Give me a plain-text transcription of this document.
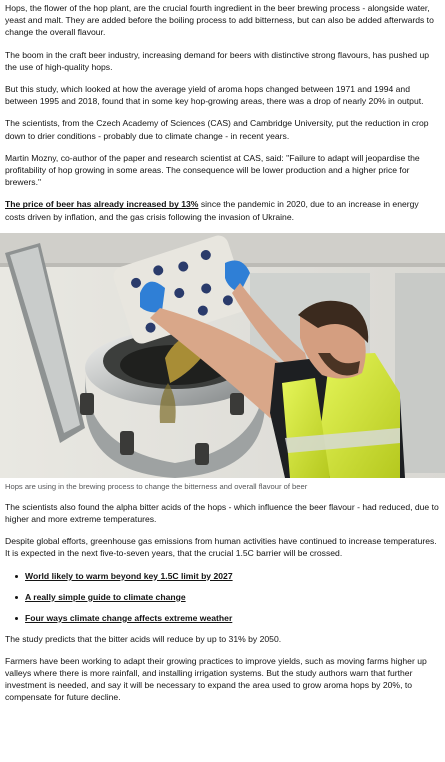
Hops, the flower of the hop plant, are the crucial fourth ingredient in the beer brewing process - alongside water, yeast and malt. They are added before the boiling process to add bitterness, but can also be added afterwards to change the overall flavour.

The boom in the craft beer industry, increasing demand for beers with distinctive strong flavours, has pushed up the use of high-quality hops.

But this study, which looked at how the average yield of aroma hops changed between 1971 and 1994 and between 1995 and 2018, found that in some key hop-growing areas, there was a drop of nearly 20% in output.

The scientists, from the Czech Academy of Sciences (CAS) and Cambridge University, put the reduction in crop down to drier conditions - probably due to climate change - in recent years.

Martin Mozny, co-author of the paper and research scientist at CAS, said: "Failure to adapt will jeopardise the profitability of hop growing in some areas. The consequence will be lower production and a higher price for brewers."

The price of beer has already increased by 13% since the pandemic in 2020, due to an increase in energy costs driven by inflation, and the gas crisis following the invasion of Ukraine.

Hops are using in the brewing process to change the bitterness and overall flavour of beer

The scientists also found the alpha bitter acids of the hops - which influence the beer flavour - had reduced, due to higher and more extreme temperatures.

Despite global efforts, greenhouse gas emissions from human activities have continued to increase temperatures. It is expected in the next five-to-seven years, that the crucial 1.5C barrier will be crossed.

World likely to warm beyond key 1.5C limit by 2027
A really simple guide to climate change
Four ways climate change affects extreme weather

The study predicts that the bitter acids will reduce by up to 31% by 2050.

Farmers have been working to adapt their growing practices to improve yields, such as moving farms higher up valleys where there is more rainfall, and installing irrigation systems. But the study authors warn that further investment is needed, and say it will be necessary to expand the area used to grow aroma hops by 20%, to compensate for future decline.
